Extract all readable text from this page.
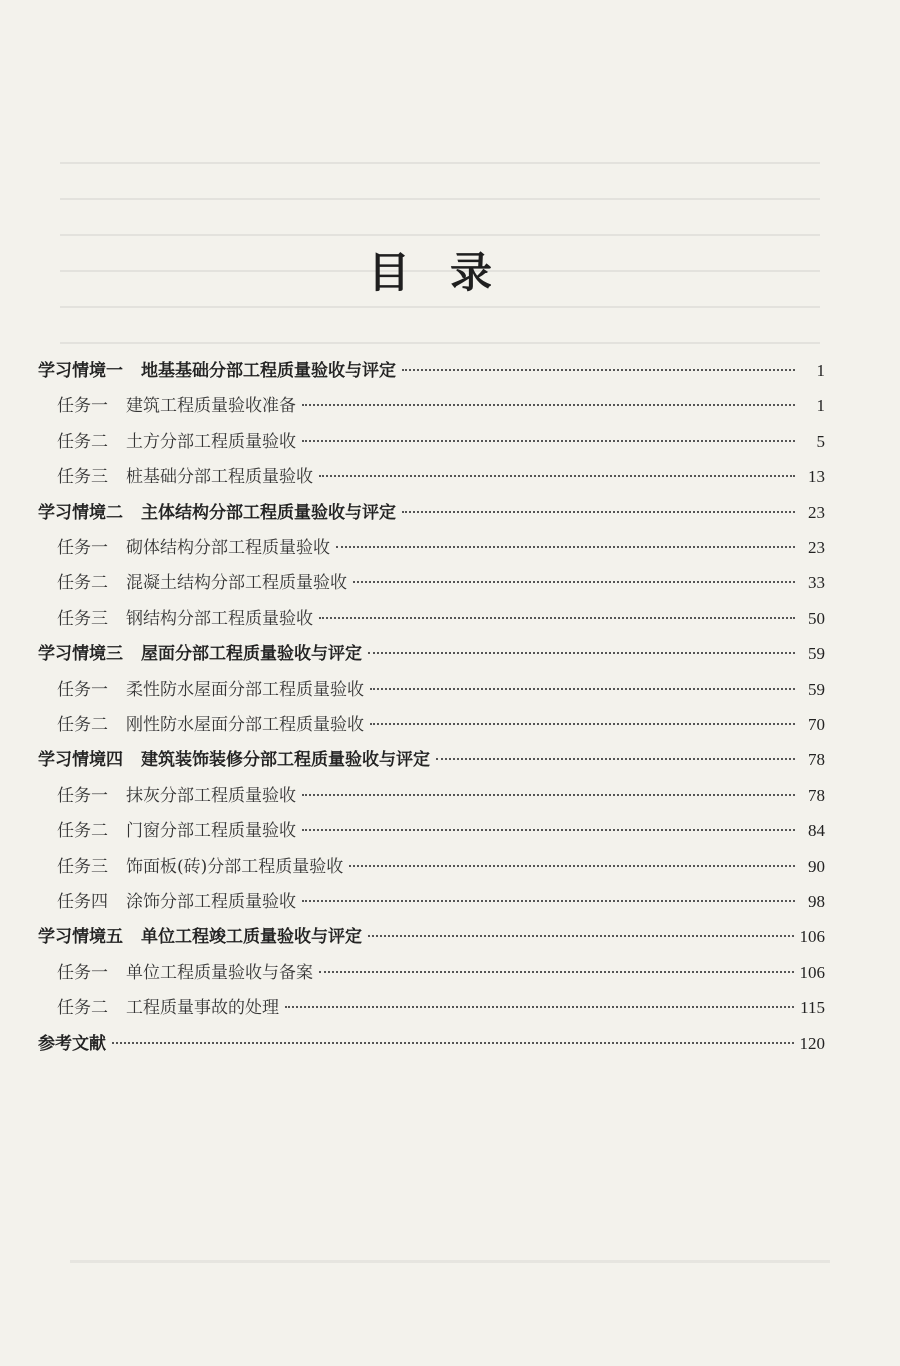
目录
学习情境一 地基基础分部工程质量验收与评定	1
任务一 建筑工程质量验收准备	1
任务二 土方分部工程质量验收	5
任务三 桩基础分部工程质量验收	13
学习情境二 主体结构分部工程质量验收与评定	23
任务一 砌体结构分部工程质量验收	23
任务二 混凝土结构分部工程质量验收	33
任务三 钢结构分部工程质量验收	50
学习情境三 屋面分部工程质量验收与评定	59
任务一 柔性防水屋面分部工程质量验收	59
任务二 刚性防水屋面分部工程质量验收	70
学习情境四 建筑装饰装修分部工程质量验收与评定	78
任务一 抹灰分部工程质量验收	78
任务二 门窗分部工程质量验收	84
任务三 饰面板(砖)分部工程质量验收	90
任务四 涂饰分部工程质量验收	98
学习情境五 单位工程竣工质量验收与评定	106
任务一 单位工程质量验收与备案	106
任务二 工程质量事故的处理	115
参考文献	120
